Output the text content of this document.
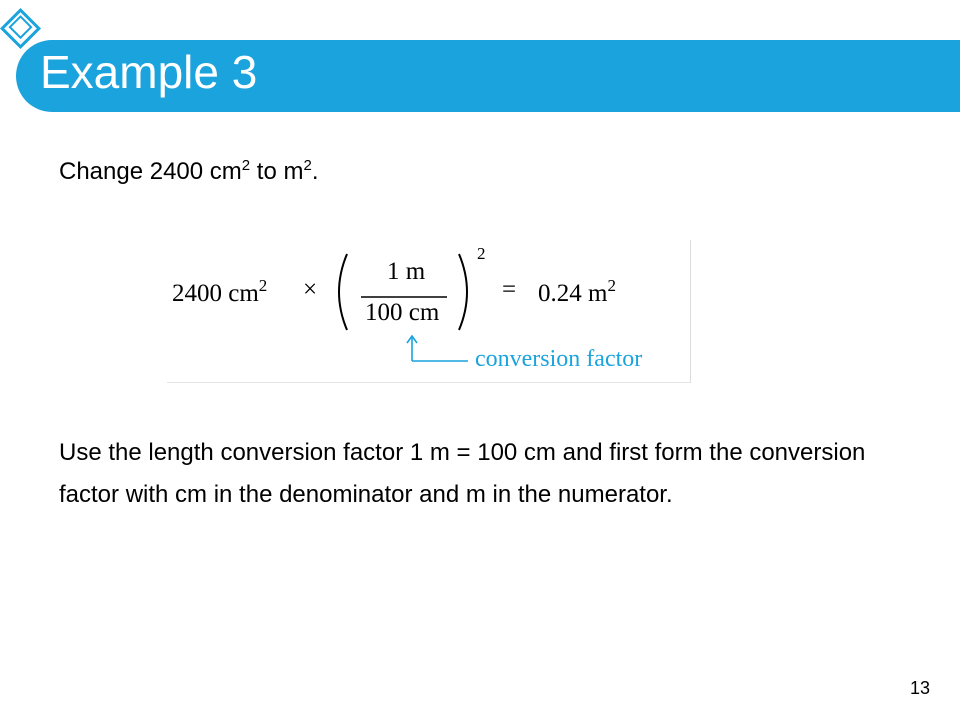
Example 3
Change 2400 $cm^2$ to $m^2$.
2400 $cm^2$ ×
1 m
100 cm
2
= 0.24 $m^2$
conversion factor
Use the length conversion factor 1 m = 100 cm and first form the conversion factor with cm in the denominator and m in the numerator.
13
